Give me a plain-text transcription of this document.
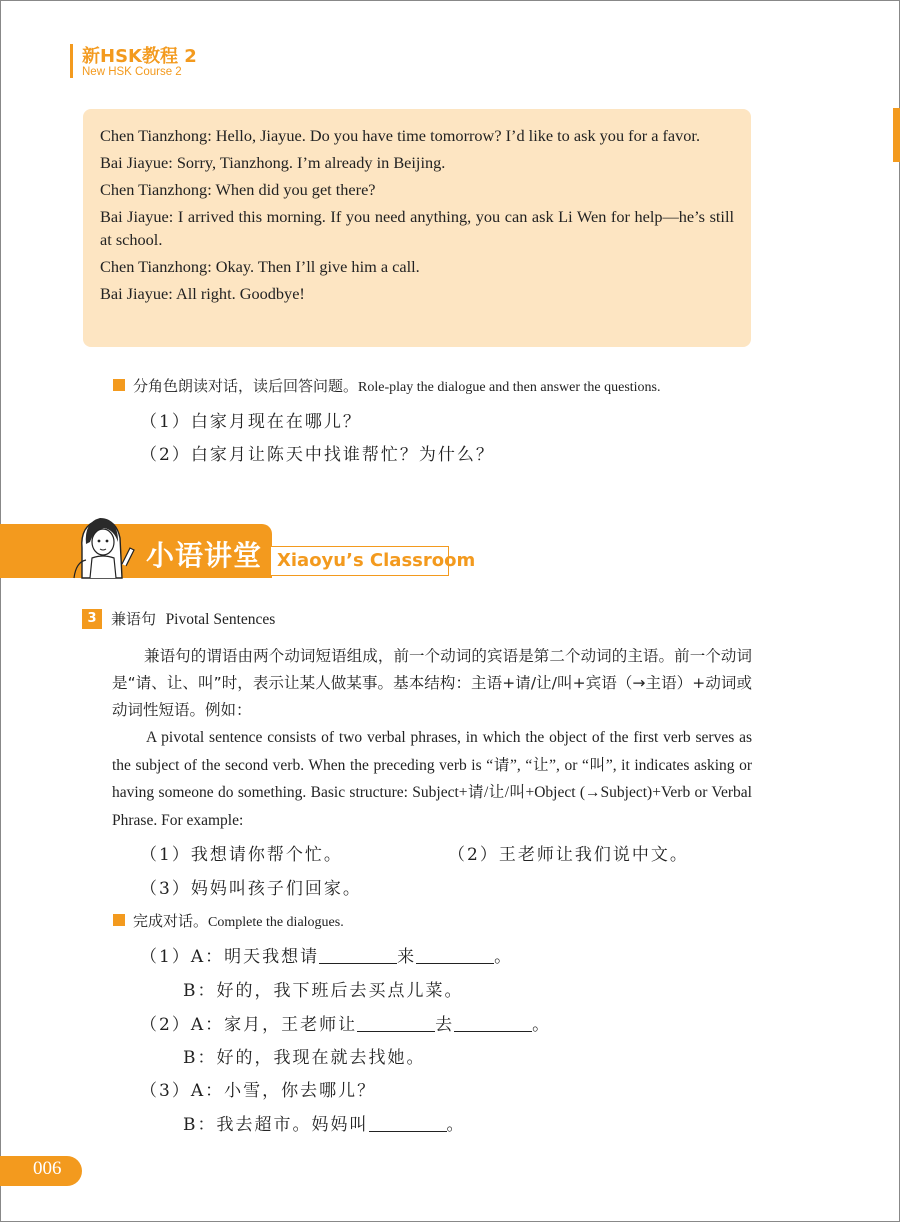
新HSK教程 2
New HSK Course 2
Chen Tianzhong: Hello, Jiayue. Do you have time tomorrow? I’d like to ask you for a favor.
Bai Jiayue: Sorry, Tianzhong. I’m already in Beijing.
Chen Tianzhong: When did you get there?
Bai Jiayue: I arrived this morning. If you need anything, you can ask Li Wen for help—he’s still at school.
Chen Tianzhong: Okay. Then I’ll give him a call.
Bai Jiayue: All right. Goodbye!
分角色朗读对话，读后回答问题。Role-play the dialogue and then answer the questions.
（1）白家月现在在哪儿？
（2）白家月让陈天中找谁帮忙？为什么？
小语讲堂 Xiaoyu’s Classroom
3 兼语句 Pivotal Sentences
兼语句的谓语由两个动词短语组成，前一个动词的宾语是第二个动词的主语。前一个动词是“请、让、叫”时，表示让某人做某事。基本结构：主语+请/让/叫+宾语（→主语）+动词或动词性短语。例如：
A pivotal sentence consists of two verbal phrases, in which the object of the first verb serves as the subject of the second verb. When the preceding verb is “请”, “让”, or “叫”, it indicates asking or having someone do something. Basic structure: Subject+请/让/叫+Object (→Subject)+Verb or Verbal Phrase. For example:
（1）我想请你帮个忙。	（2）王老师让我们说中文。
（3）妈妈叫孩子们回家。
完成对话。Complete the dialogues.
（1）A：明天我想请	来	。
B：好的，我下班后去买点儿菜。
（2）A：家月，王老师让	去	。
B：好的，我现在就去找她。
（3）A：小雪，你去哪儿？
B：我去超市。妈妈叫	。
006
